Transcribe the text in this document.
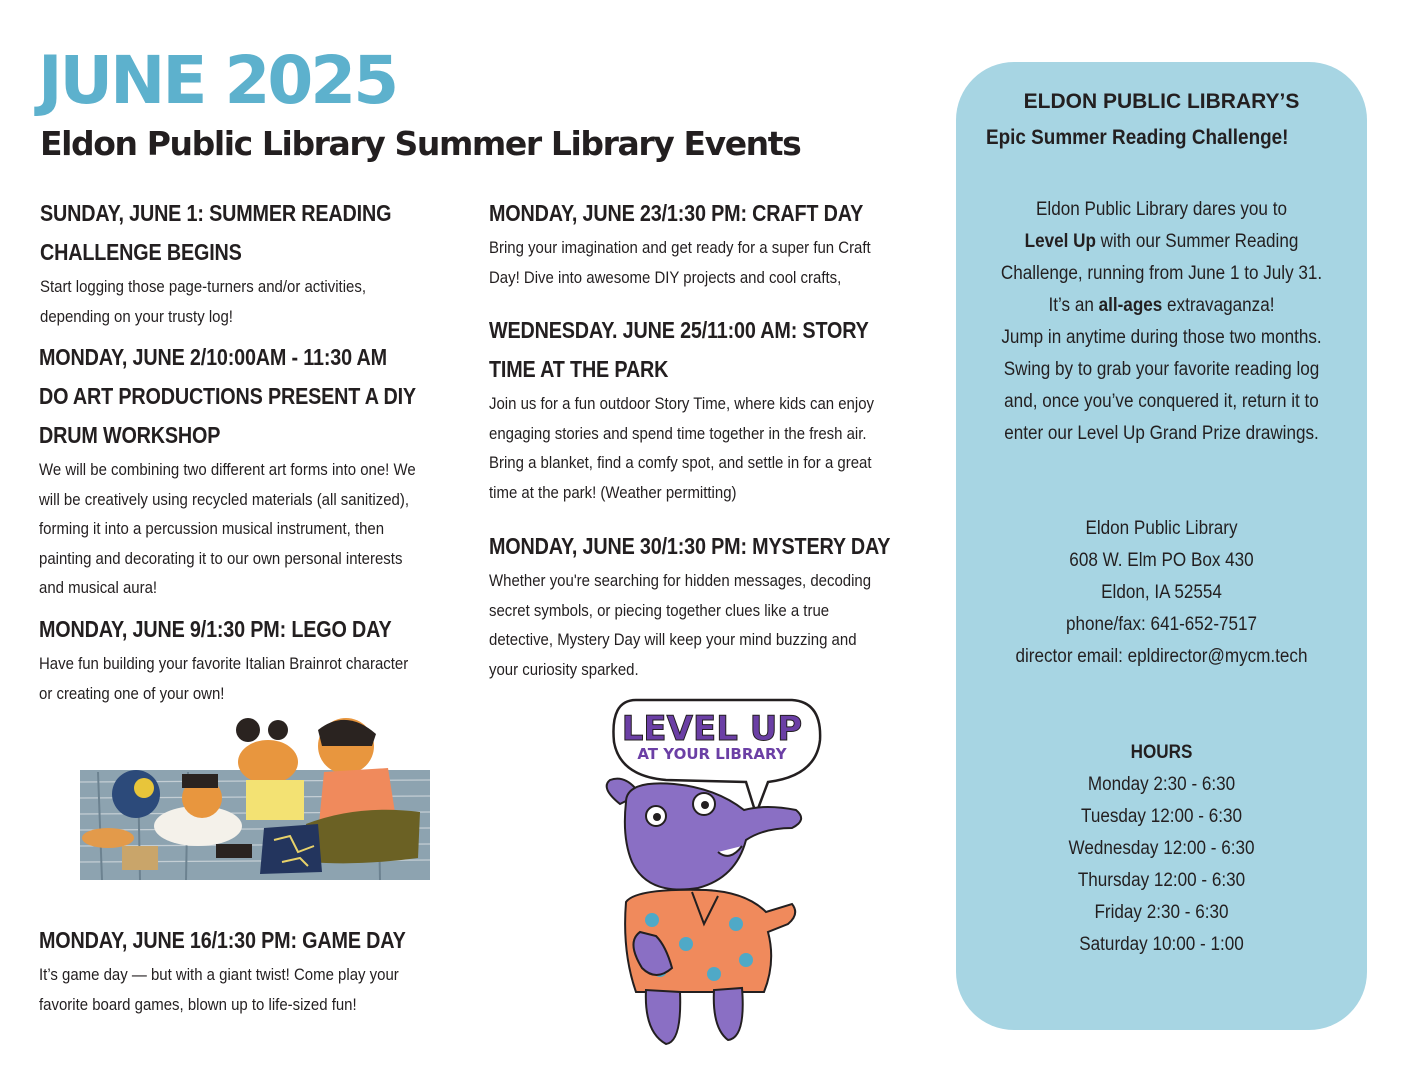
JUNE 2025
Eldon Public Library Summer Library Events
SUNDAY, JUNE 1: SUMMER READING
CHALLENGE BEGINS

Start logging those page-turners and/or activities,
depending on your trusty log!

MONDAY, JUNE 2/10:00AM - 11:30 AM
DO ART PRODUCTIONS PRESENT A DIY
DRUM WORKSHOP

We will be combining two different art forms into one! We
will be creatively using recycled materials (all sanitized),
forming it into a percussion musical instrument, then
painting and decorating it to our own personal interests
and musical aura!

MONDAY, JUNE 9/1:30 PM: LEGO DAY

Have fun building your favorite Italian Brainrot character
or creating one of your own!

MONDAY, JUNE 16/1:30 PM: GAME DAY

It’s game day — but with a giant twist! Come play your
favorite board games, blown up to life-sized fun!

MONDAY, JUNE 23/1:30 PM: CRAFT DAY

Bring your imagination and get ready for a super fun Craft
Day! Dive into awesome DIY projects and cool crafts,

WEDNESDAY. JUNE 25/11:00 AM: STORY
TIME AT THE PARK

Join us for a fun outdoor Story Time, where kids can enjoy
engaging stories and spend time together in the fresh air.
Bring a blanket, find a comfy spot, and settle in for a great
time at the park! (Weather permitting)

MONDAY, JUNE 30/1:30 PM: MYSTERY DAY

Whether you're searching for hidden messages, decoding
secret symbols, or piecing together clues like a true
detective, Mystery Day will keep your mind buzzing and
your curiosity sparked.

LEVEL UP
AT YOUR LIBRARY
ELDON PUBLIC LIBRARY’S
Epic Summer Reading Challenge!
Eldon Public Library dares you to
Level Up with our Summer Reading
Challenge, running from June 1 to July 31.
It’s an all-ages extravaganza!
Jump in anytime during those two months.
Swing by to grab your favorite reading log
and, once you’ve conquered it, return it to
enter our Level Up Grand Prize drawings.
Eldon Public Library
608 W. Elm PO Box 430
Eldon, IA 52554
phone/fax: 641-652-7517
director email: epldirector@mycm.tech
HOURS
Monday 2:30 - 6:30
Tuesday 12:00 - 6:30
Wednesday 12:00 - 6:30
Thursday 12:00 - 6:30
Friday 2:30 - 6:30
Saturday 10:00 - 1:00
